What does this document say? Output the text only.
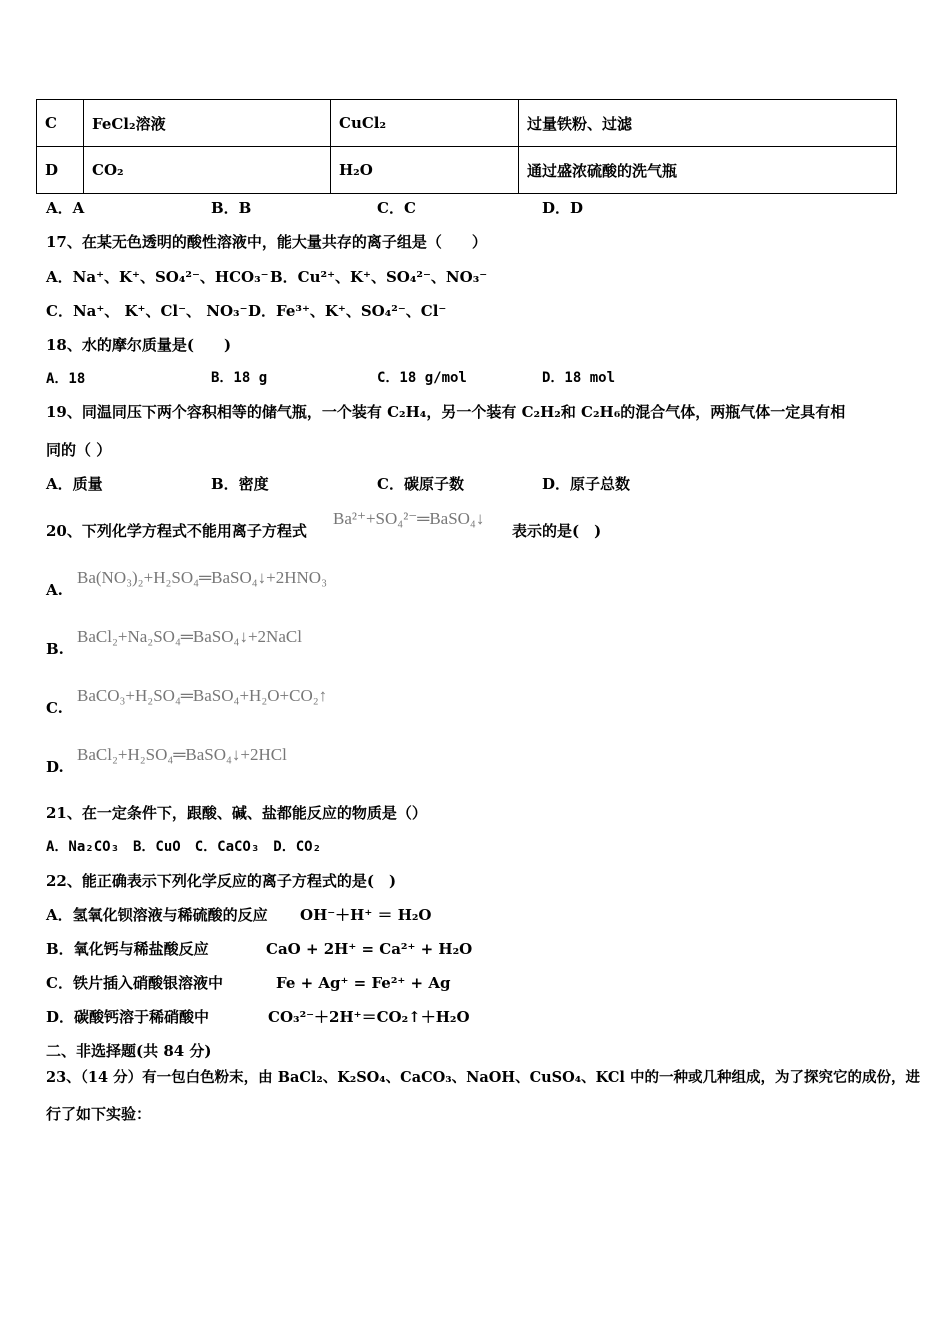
C	FeCl₂溶液	CuCl₂	过量铁粉、过滤
D	CO₂	H₂O	通过盛浓硫酸的洗气瓶
A．A	B．B	C．C	D．D
17、在某无色透明的酸性溶液中，能大量共存的离子组是（　　）
A．Na⁺、K⁺、SO₄²⁻、HCO₃⁻ B．Cu²⁺、K⁺、SO₄²⁻、NO₃⁻
C．Na⁺、 K⁺、Cl⁻、 NO₃⁻ D．Fe³⁺、K⁺、SO₄²⁻、Cl⁻
18、水的摩尔质量是(　　)
A．18	B．18 g	C．18 g/mol	D．18 mol
19、同温同压下两个容积相等的储气瓶，一个装有 C₂H₄，另一个装有 C₂H₂和 C₂H₆的混合气体，两瓶气体一定具有相
同的（ ）
A．质量	B．密度	C．碳原子数	D．原子总数
20、下列化学方程式不能用离子方程式
Ba²⁺+SO₄²⁻═BaSO₄↓
表示的是(　)
A.
Ba(NO₃)₂+H₂SO₄═BaSO₄↓+2HNO₃
B.
BaCl₂+Na₂SO₄═BaSO₄↓+2NaCl
C.
BaCO₃+H₂SO₄═BaSO₄+H₂O+CO₂↑
D.
BaCl₂+H₂SO₄═BaSO₄↓+2HCl
21、在一定条件下，跟酸、碱、盐都能反应的物质是（）
A．Na₂CO₃　B．CuO　C．CaCO₃　D．CO₂
22、能正确表示下列化学反应的离子方程式的是(　)
A．氢氧化钡溶液与稀硫酸的反应 OH⁻＋H⁺ ＝ H₂O
B．氧化钙与稀盐酸反应	CaO + 2H⁺ = Ca²⁺ + H₂O
C．铁片插入硝酸银溶液中	Fe + Ag⁺ = Fe²⁺ + Ag
D．碳酸钙溶于稀硝酸中	CO₃²⁻＋2H⁺＝CO₂↑＋H₂O
二、非选择题(共 84 分)
23、（14 分）有一包白色粉末，由 BaCl₂、K₂SO₄、CaCO₃、NaOH、CuSO₄、KCl 中的一种或几种组成，为了探究它的成份，进
行了如下实验：
